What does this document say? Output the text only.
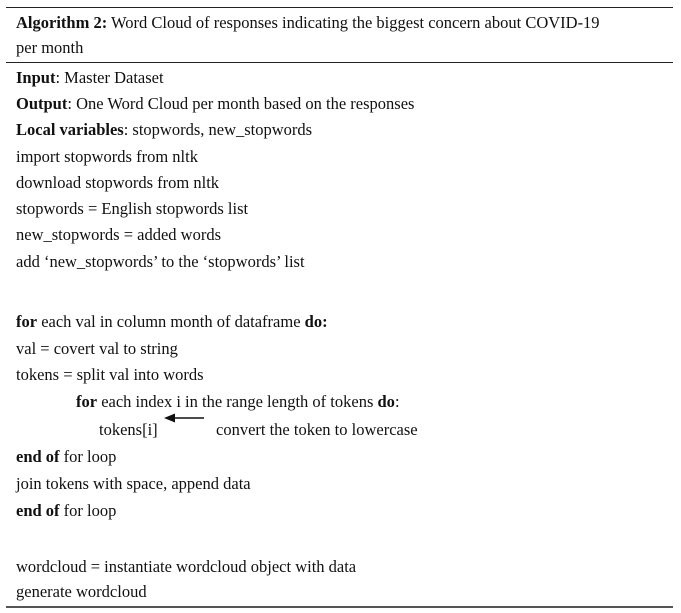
Algorithm 2: Word Cloud of responses indicating the biggest concern about COVID-19
per month
Input: Master Dataset
Output: One Word Cloud per month based on the responses
Local variables: stopwords, new_stopwords
import stopwords from nltk
download stopwords from nltk
stopwords = English stopwords list
new_stopwords = added words
add ‘new_stopwords’ to the ‘stopwords’ list
for each val in column month of dataframe do:
val = covert val to string
tokens = split val into words
for each index i in the range length of tokens do:
tokens[i]	convert the token to lowercase
end of for loop
join tokens with space, append data
end of for loop
wordcloud = instantiate wordcloud object with data
generate wordcloud
